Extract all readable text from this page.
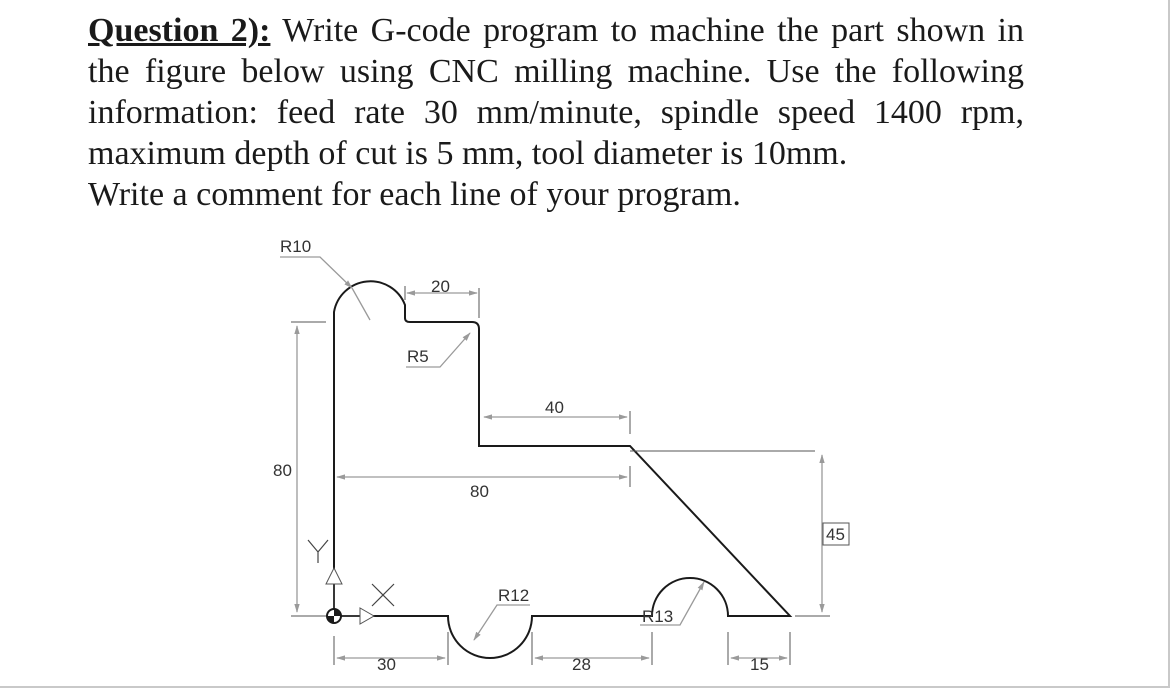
Question 2): Write G-code program to machine the part shown in the figure below using CNC milling machine. Use the following information: feed rate 30 mm/minute, spindle speed 1400 rpm, maximum depth of cut is 5 mm, tool diameter is 10mm.
Write a comment for each line of your program.
R10
20
R5
40
80
80
45
R12
R13
30	28	15
